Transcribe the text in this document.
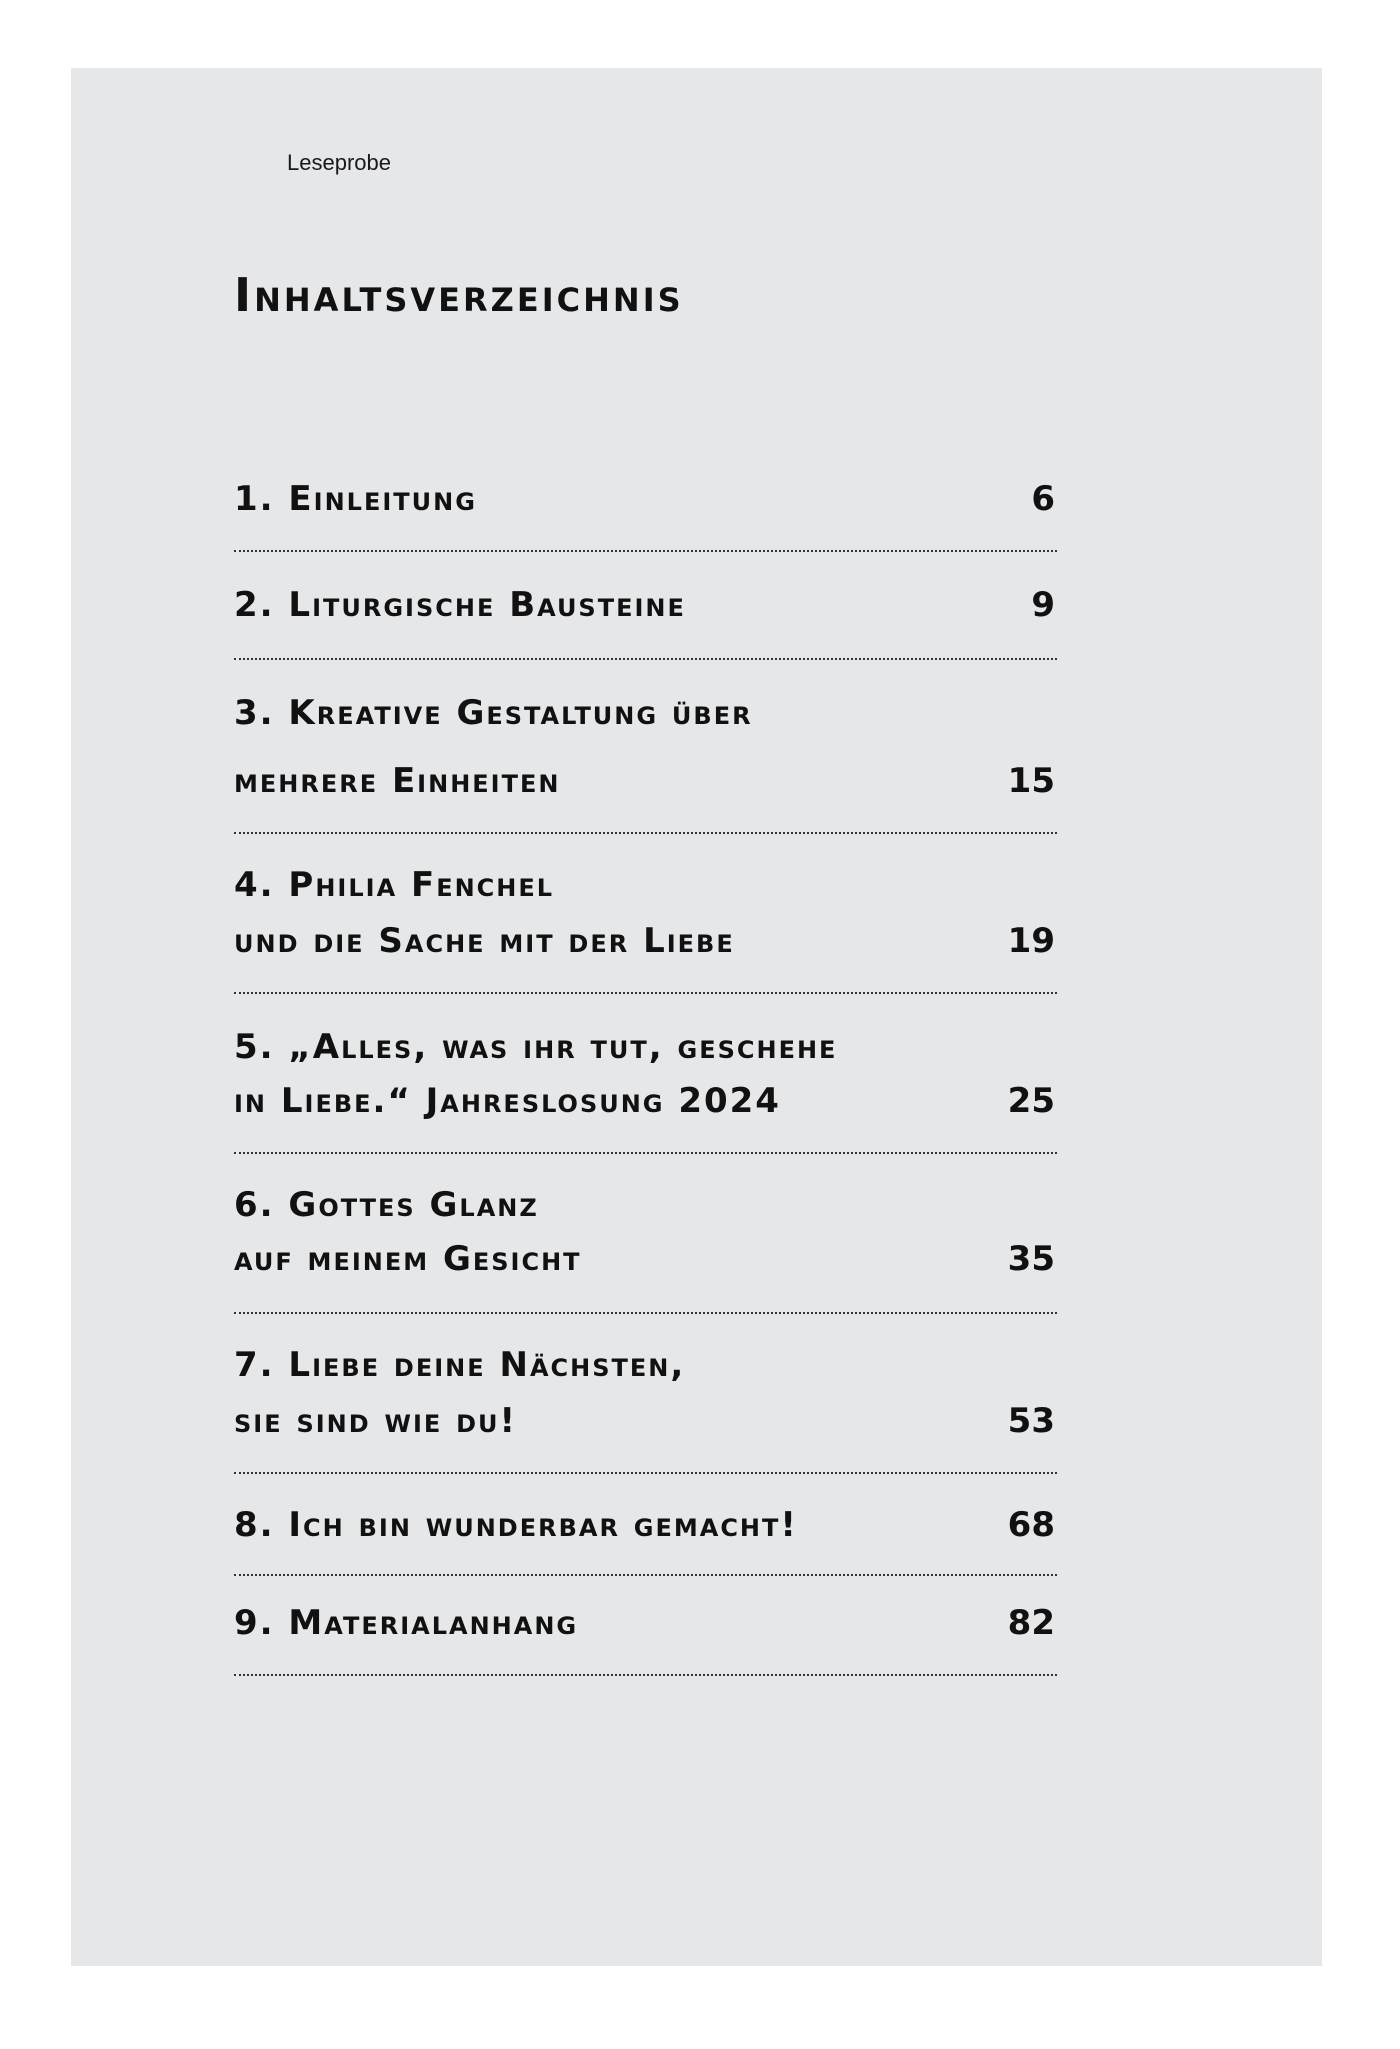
Leseprobe
Inhaltsverzeichnis
1. Einleitung	6
2. Liturgische Bausteine	9
3. Kreative Gestaltung über
mehrere Einheiten	15
4. Philia Fenchel
und die Sache mit der Liebe	19
5. „Alles, was ihr tut, geschehe
in Liebe.“ Jahreslosung 2024	25
6. Gottes Glanz
auf meinem Gesicht	35
7. Liebe deine Nächsten,
sie sind wie du!	53
8. Ich bin wunderbar gemacht!	68
9. Materialanhang	82
